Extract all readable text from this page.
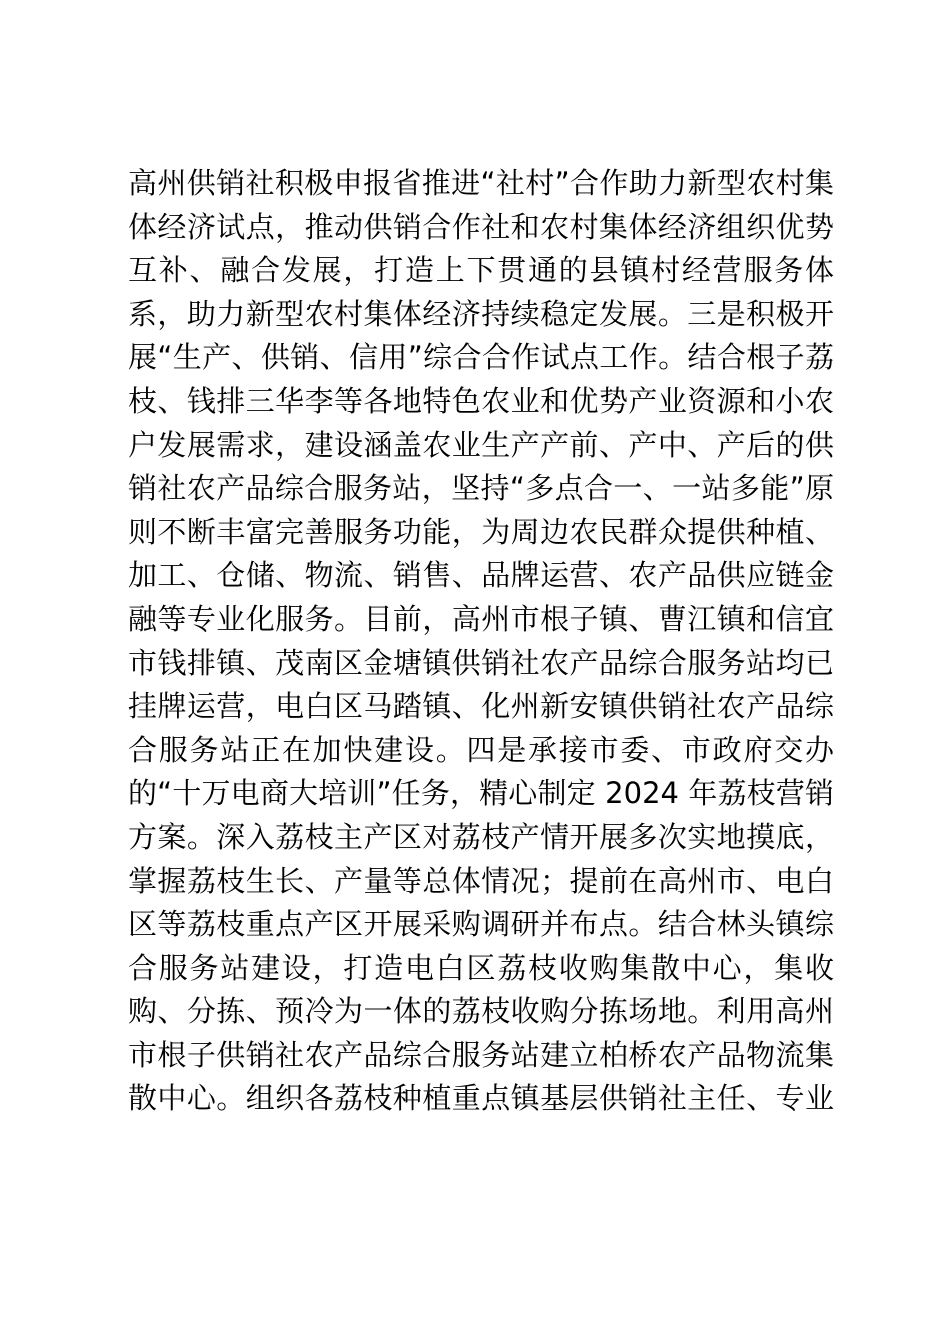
高州供销社积极申报省推进“社村”合作助力新型农村集
体经济试点，推动供销合作社和农村集体经济组织优势
互补、融合发展，打造上下贯通的县镇村经营服务体
系，助力新型农村集体经济持续稳定发展。三是积极开
展“生产、供销、信用”综合合作试点工作。结合根子荔
枝、钱排三华李等各地特色农业和优势产业资源和小农
户发展需求，建设涵盖农业生产产前、产中、产后的供
销社农产品综合服务站，坚持“多点合一、一站多能”原
则不断丰富完善服务功能，为周边农民群众提供种植、
加工、仓储、物流、销售、品牌运营、农产品供应链金
融等专业化服务。目前，高州市根子镇、曹江镇和信宜
市钱排镇、茂南区金塘镇供销社农产品综合服务站均已
挂牌运营，电白区马踏镇、化州新安镇供销社农产品综
合服务站正在加快建设。四是承接市委、市政府交办
的“十万电商大培训”任务，精心制定 2024 年荔枝营销
方案。深入荔枝主产区对荔枝产情开展多次实地摸底，
掌握荔枝生长、产量等总体情况；提前在高州市、电白
区等荔枝重点产区开展采购调研并布点。结合林头镇综
合服务站建设，打造电白区荔枝收购集散中心，集收
购、分拣、预冷为一体的荔枝收购分拣场地。利用高州
市根子供销社农产品综合服务站建立柏桥农产品物流集
散中心。组织各荔枝种植重点镇基层供销社主任、专业
